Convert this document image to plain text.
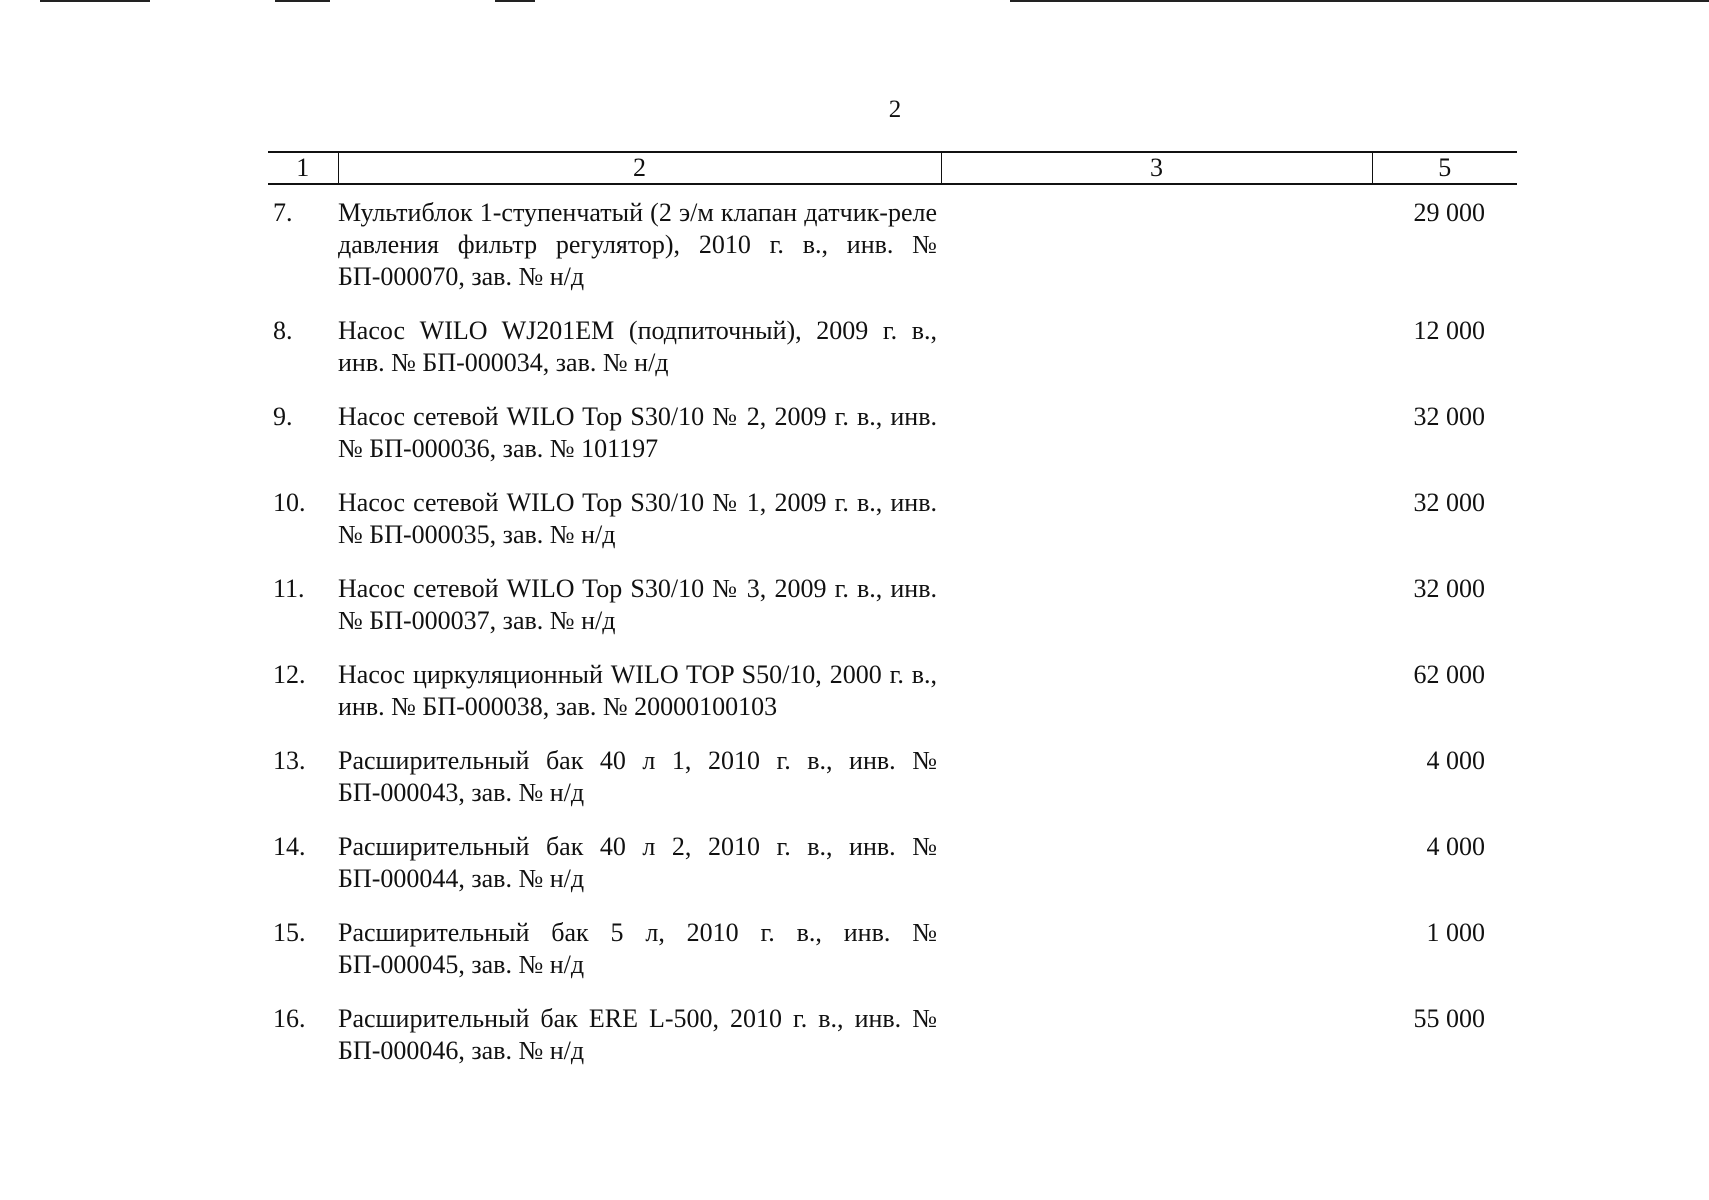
2
1	2	3	5
7.	Мультиблок 1-ступенчатый (2 э/м клапан датчик-реле давления фильтр регулятор), 2010 г. в., инв. № БП-000070, зав. № н/д		29 000
8.	Насос WILO WJ201EM (подпиточный), 2009 г. в., инв. № БП-000034, зав. № н/д		12 000
9.	Насос сетевой WILO Top S30/10 № 2, 2009 г. в., инв. № БП-000036, зав. № 101197		32 000
10.	Насос сетевой WILO Top S30/10 № 1, 2009 г. в., инв. № БП-000035, зав. № н/д		32 000
11.	Насос сетевой WILO Top S30/10 № 3, 2009 г. в., инв. № БП-000037, зав. № н/д		32 000
12.	Насос циркуляционный WILO TOP S50/10, 2000 г. в., инв. № БП-000038, зав. № 20000100103		62 000
13.	Расширительный бак 40 л 1, 2010 г. в., инв. № БП-000043, зав. № н/д		4 000
14.	Расширительный бак 40 л 2, 2010 г. в., инв. № БП-000044, зав. № н/д		4 000
15.	Расширительный бак 5 л, 2010 г. в., инв. № БП-000045, зав. № н/д		1 000
16.	Расширительный бак ERE L-500, 2010 г. в., инв. № БП-000046, зав. № н/д		55 000
